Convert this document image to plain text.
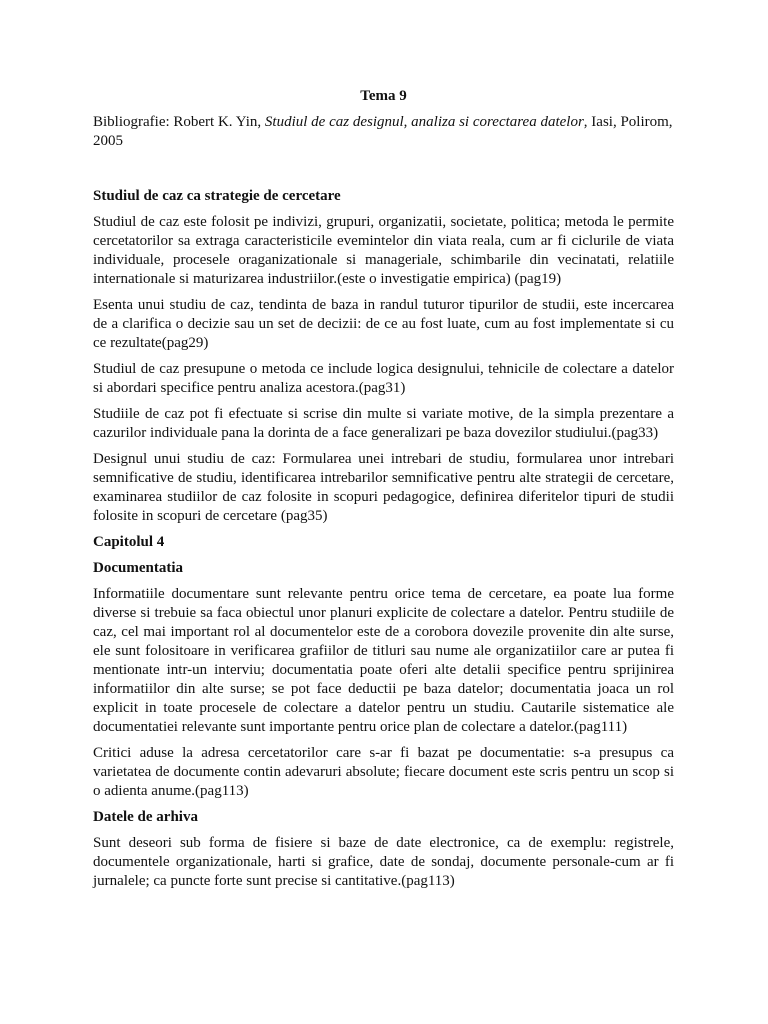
Tema 9

Bibliografie: Robert K. Yin, Studiul de caz designul, analiza si corectarea datelor, Iasi, Polirom, 2005

Studiul de caz ca strategie de cercetare

Studiul de caz este folosit pe indivizi, grupuri, organizatii, societate, politica; metoda le permite cercetatorilor sa extraga caracteristicile evemintelor din viata reala, cum ar fi ciclurile de viata individuale, procesele oraganizationale si manageriale, schimbarile din vecinatati, relatiile internationale si maturizarea industriilor.(este o investigatie empirica) (pag19)

Esenta unui studiu de caz, tendinta de baza in randul tuturor tipurilor de studii, este incercarea de a clarifica o decizie sau un set de decizii: de ce au fost luate, cum au fost implementate si cu ce rezultate(pag29)

Studiul de caz presupune o metoda ce include logica designului, tehnicile de colectare a datelor si abordari specifice pentru analiza acestora.(pag31)

Studiile de caz pot fi efectuate si scrise din multe si variate motive, de la simpla prezentare a cazurilor individuale pana la dorinta de a face generalizari pe baza dovezilor studiului.(pag33)

Designul unui studiu de caz: Formularea unei intrebari de studiu, formularea unor intrebari semnificative de studiu, identificarea intrebarilor semnificative pentru alte strategii de cercetare, examinarea studiilor de caz folosite in scopuri pedagogice, definirea diferitelor tipuri de studii folosite in scopuri de cercetare (pag35)

Capitolul 4

Documentatia

Informatiile documentare sunt relevante pentru orice tema de cercetare, ea poate lua forme diverse si trebuie sa faca obiectul unor planuri explicite de colectare a datelor. Pentru studiile de caz, cel mai important rol al documentelor este de a corobora dovezile provenite din alte surse, ele sunt folositoare in verificarea grafiilor de titluri sau nume ale organizatiilor care ar putea fi mentionate intr-un interviu; documentatia poate oferi alte detalii specifice pentru sprijinirea informatiilor din alte surse; se pot face deductii pe baza datelor; documentatia joaca un rol explicit in toate procesele de colectare a datelor pentru un studiu. Cautarile sistematice ale documentatiei relevante sunt importante pentru orice plan de colectare a datelor.(pag111)

Critici aduse la adresa cercetatorilor care s-ar fi bazat pe documentatie: s-a presupus ca varietatea de documente contin adevaruri absolute; fiecare document este scris pentru un scop si o adienta anume.(pag113)

Datele de arhiva

Sunt deseori sub forma de fisiere si baze de date electronice, ca de exemplu: registrele, documentele organizationale, harti si grafice, date de sondaj, documente personale-cum ar fi jurnalele; ca puncte forte sunt precise si cantitative.(pag113)
